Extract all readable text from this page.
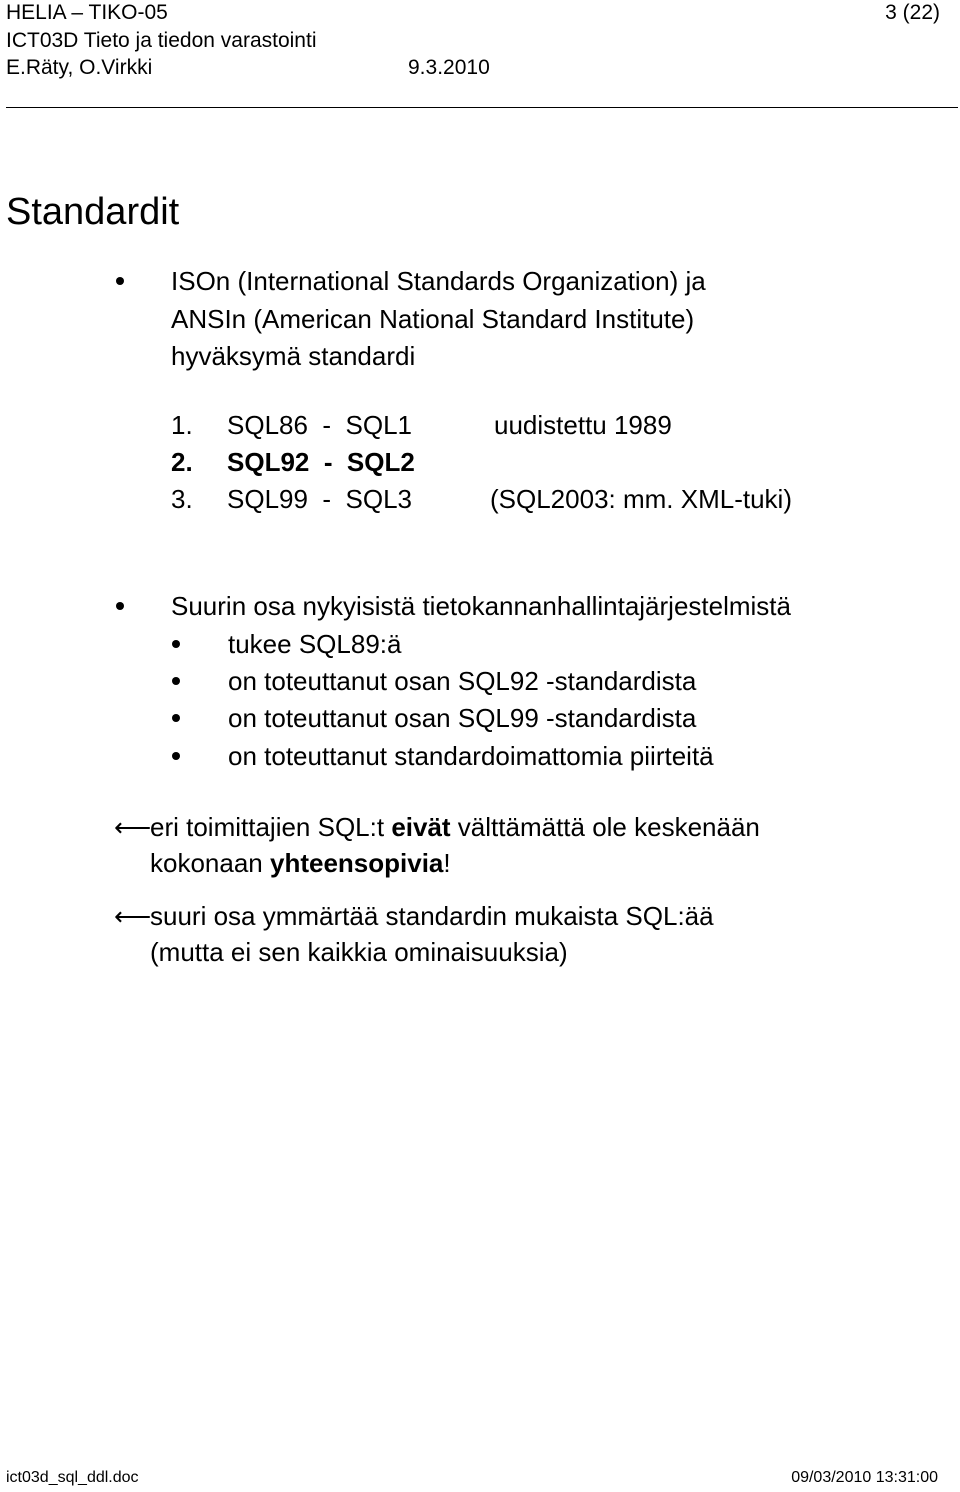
HELIA – TIKO-05
ICT03D Tieto ja tiedon varastointi
E.Räty, O.Virkki	9.3.2010
3 (22)
Standardit
ISOn (International Standards Organization) ja
ANSIn (American National Standard Institute)
hyväksymä standardi
1. SQL86  -  SQL1	uudistettu 1989
2. SQL92  -  SQL2
3. SQL99  -  SQL3	(SQL2003: mm. XML-tuki)
Suurin osa nykyisistä tietokannanhallintajärjestelmistä
tukee SQL89:ä
on toteuttanut osan SQL92 -standardista
on toteuttanut osan SQL99 -standardista
on toteuttanut standardoimattomia piirteitä
⟵
eri toimittajien SQL:t eivät välttämättä ole keskenään
kokonaan yhteensopivia!
⟵
suuri osa ymmärtää standardin mukaista SQL:ää
(mutta ei sen kaikkia ominaisuuksia)
ict03d_sql_ddl.doc	09/03/2010 13:31:00
